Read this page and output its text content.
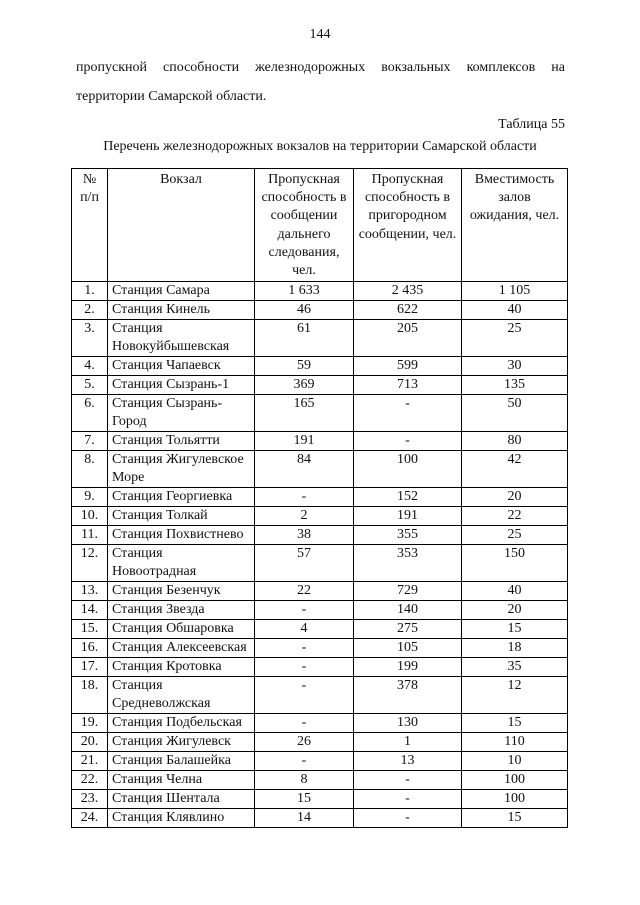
144
пропускной способности железнодорожных вокзальных комплексов на
территории Самарской области.
Таблица 55
Перечень железнодорожных вокзалов на территории Самарской области
№ п/п	Вокзал	Пропускная способность в сообщении дальнего следования, чел.	Пропускная способность в пригородном сообщении, чел.	Вместимость залов ожидания, чел.
1.	Станция Самара	1 633	2 435	1 105
2.	Станция Кинель	46	622	40
3.	Станция Новокуйбышевская	61	205	25
4.	Станция Чапаевск	59	599	30
5.	Станция Сызрань-1	369	713	135
6.	Станция Сызрань-Город	165	-	50
7.	Станция Тольятти	191	-	80
8.	Станция Жигулевское Море	84	100	42
9.	Станция Георгиевка	-	152	20
10.	Станция Толкай	2	191	22
11.	Станция Похвистнево	38	355	25
12.	Станция Новоотрадная	57	353	150
13.	Станция Безенчук	22	729	40
14.	Станция Звезда	-	140	20
15.	Станция Обшаровка	4	275	15
16.	Станция Алексеевская	-	105	18
17.	Станция Кротовка	-	199	35
18.	Станция Средневолжская	-	378	12
19.	Станция Подбельская	-	130	15
20.	Станция Жигулевск	26	1	110
21.	Станция Балашейка	-	13	10
22.	Станция Челна	8	-	100
23.	Станция Шентала	15	-	100
24.	Станция Клявлино	14	-	15
